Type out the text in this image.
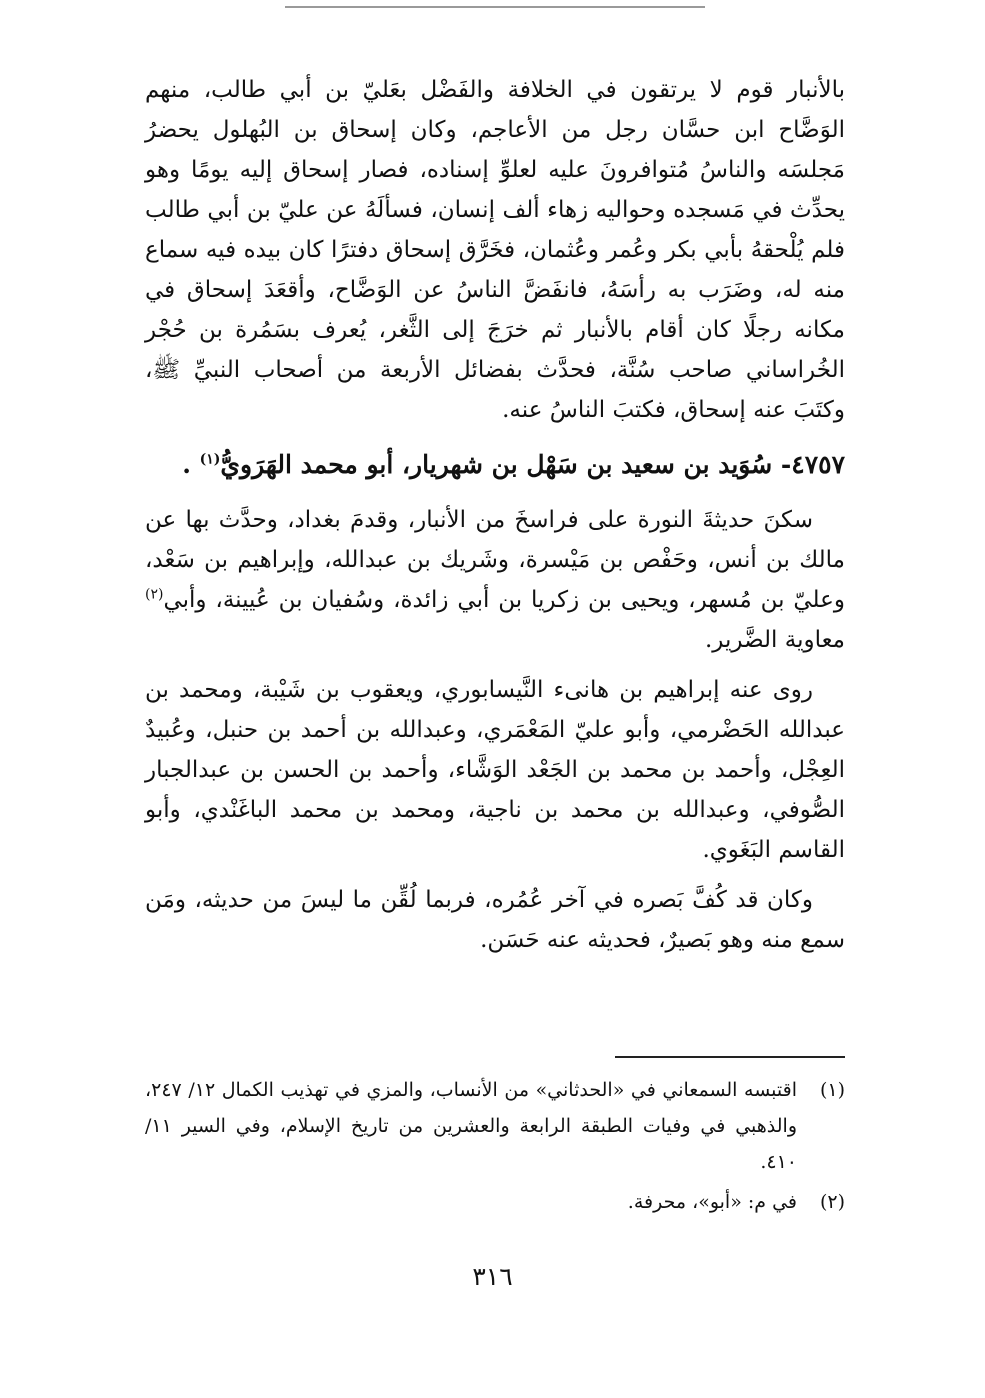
بالأنبار قوم لا يرتقون في الخلافة والفَضْل بعَليّ بن أبي طالب، منهم الوَضَّاح ابن حسَّان رجل من الأعاجم، وكان إسحاق بن البُهلول يحضرُ مَجلسَه والناسُ مُتوافرونَ عليه لعلوِّ إسناده، فصار إسحاق إليه يومًا وهو يحدِّث في مَسجده وحواليه زهاء ألف إنسان، فسألَهُ عن عليّ بن أبي طالب فلم يُلْحقهُ بأبي بكر وعُمر وعُثمان، فخَرَّق إسحاق دفترًا كان بيده فيه سماع منه له، وضَرَب به رأسَهُ، فانفَضَّ الناسُ عن الوَضَّاح، وأقعَدَ إسحاق في مكانه رجلًا كان أقام بالأنبار ثم خرَجَ إلى الثَّغر، يُعرف بسَمُرة بن حُجْر الخُراساني صاحب سُنَّة، فحدَّث بفضائل الأربعة من أصحاب النبيِّ ﷺ، وكتَبَ عنه إسحاق، فكتبَ الناسُ عنه.

٤٧٥٧- سُوَيد بن سعيد بن سَهْل بن شهريار، أبو محمد الهَرَويُّ$^{(١)}$ .

سكنَ حديثةَ النورة على فراسخَ من الأنبار، وقدمَ بغداد، وحدَّث بها عن مالك بن أنس، وحَفْص بن مَيْسرة، وشَريك بن عبدالله، وإبراهيم بن سَعْد، وعليّ بن مُسهر، ويحيى بن زكريا بن أبي زائدة، وسُفيان بن عُيينة، وأبي$^{(٢)}$ معاوية الضَّرير.

روى عنه إبراهيم بن هانىء النَّيسابوري، ويعقوب بن شَيْبة، ومحمد بن عبدالله الحَضْرمي، وأبو عليّ المَعْمَري، وعبدالله بن أحمد بن حنبل، وعُبيدٌ العِجْل، وأحمد بن محمد بن الجَعْد الوَشَّاء، وأحمد بن الحسن بن عبدالجبار الصُّوفي، وعبدالله بن محمد بن ناجية، ومحمد بن محمد الباغَنْدي، وأبو القاسم البَغَوي.

وكان قد كُفَّ بَصره في آخر عُمُره، فربما لُقِّن ما ليسَ من حديثه، ومَن سمع منه وهو بَصيرٌ، فحديثه عنه حَسَن.

(١)
اقتبسه السمعاني في «الحدثاني» من الأنساب، والمزي في تهذيب الكمال ١٢/ ٢٤٧، والذهبي في وفيات الطبقة الرابعة والعشرين من تاريخ الإسلام، وفي السير ١١/ ٤١٠.
(٢)
في م: «أبو»، محرفة.
٣١٦
